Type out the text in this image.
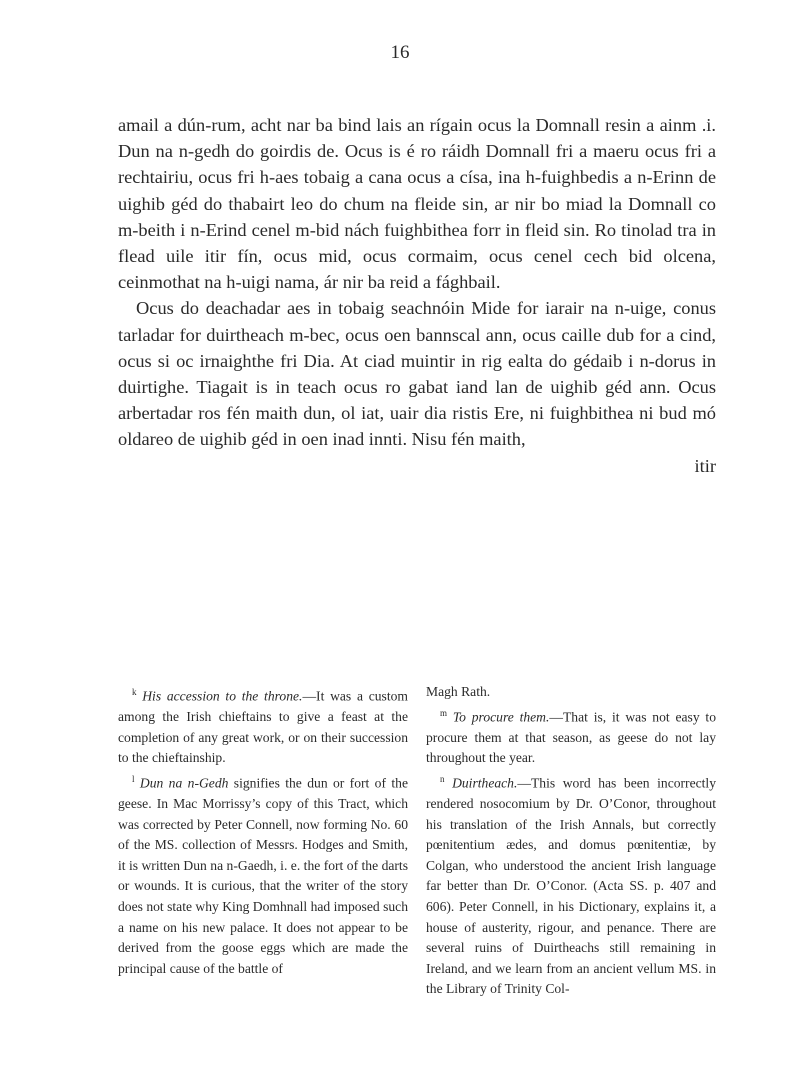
16

amail a dún-rum, acht nar ba bind lais an rígain ocus la Domnall resin a ainm .i. Dun na n-gedh do goirdis de. Ocus is é ro ráidh Domnall fri a maeru ocus fri a rechtairiu, ocus fri h-aes tobaig a cana ocus a císa, ina h-fuighbedis a n-Erinn de uighib géd do thabairt leo do chum na fleide sin, ar nir bo miad la Domnall co m-beith i n-Erind cenel m-bid nách fuighbithea forr in fleid sin. Ro tinolad tra in flead uile itir fín, ocus mid, ocus cormaim, ocus cenel cech bid olcena, ceinmothat na h-uigi nama, ár nir ba reid a fághbail.

Ocus do deachadar aes in tobaig seachnóin Mide for iarair na n-uige, conus tarladar for duirtheach m-bec, ocus oen bannscal ann, ocus caille dub for a cind, ocus si oc irnaighthe fri Dia. At ciad muintir in rig ealta do gédaib i n-dorus in duirtighe. Tiagait is in teach ocus ro gabat iand lan de uighib géd ann. Ocus arbertadar ros fén maith dun, ol iat, uair dia ristis Ere, ni fuighbithea ni bud mó oldareo de uighib géd in oen inad innti. Nisu fén maith,

itir

$^k$ His accession to the throne.—It was a custom among the Irish chieftains to give a feast at the completion of any great work, or on their succession to the chieftainship.

$^l$ Dun na n-Gedh signifies the dun or fort of the geese. In Mac Morrissy’s copy of this Tract, which was corrected by Peter Connell, now forming No. 60 of the MS. collection of Messrs. Hodges and Smith, it is written Dun na n-Gaedh, i. e. the fort of the darts or wounds. It is curious, that the writer of the story does not state why King Domhnall had imposed such a name on his new palace. It does not appear to be derived from the goose eggs which are made the principal cause of the battle of

Magh Rath.

$^m$ To procure them.—That is, it was not easy to procure them at that season, as geese do not lay throughout the year.

$^n$ Duirtheach.—This word has been incorrectly rendered nosocomium by Dr. O’Conor, throughout his translation of the Irish Annals, but correctly pœnitentium ædes, and domus pœnitentiæ, by Colgan, who understood the ancient Irish language far better than Dr. O’Conor. (Acta SS. p. 407 and 606). Peter Connell, in his Dictionary, explains it, a house of austerity, rigour, and penance. There are several ruins of Duirtheachs still remaining in Ireland, and we learn from an ancient vellum MS. in the Library of Trinity Col-
